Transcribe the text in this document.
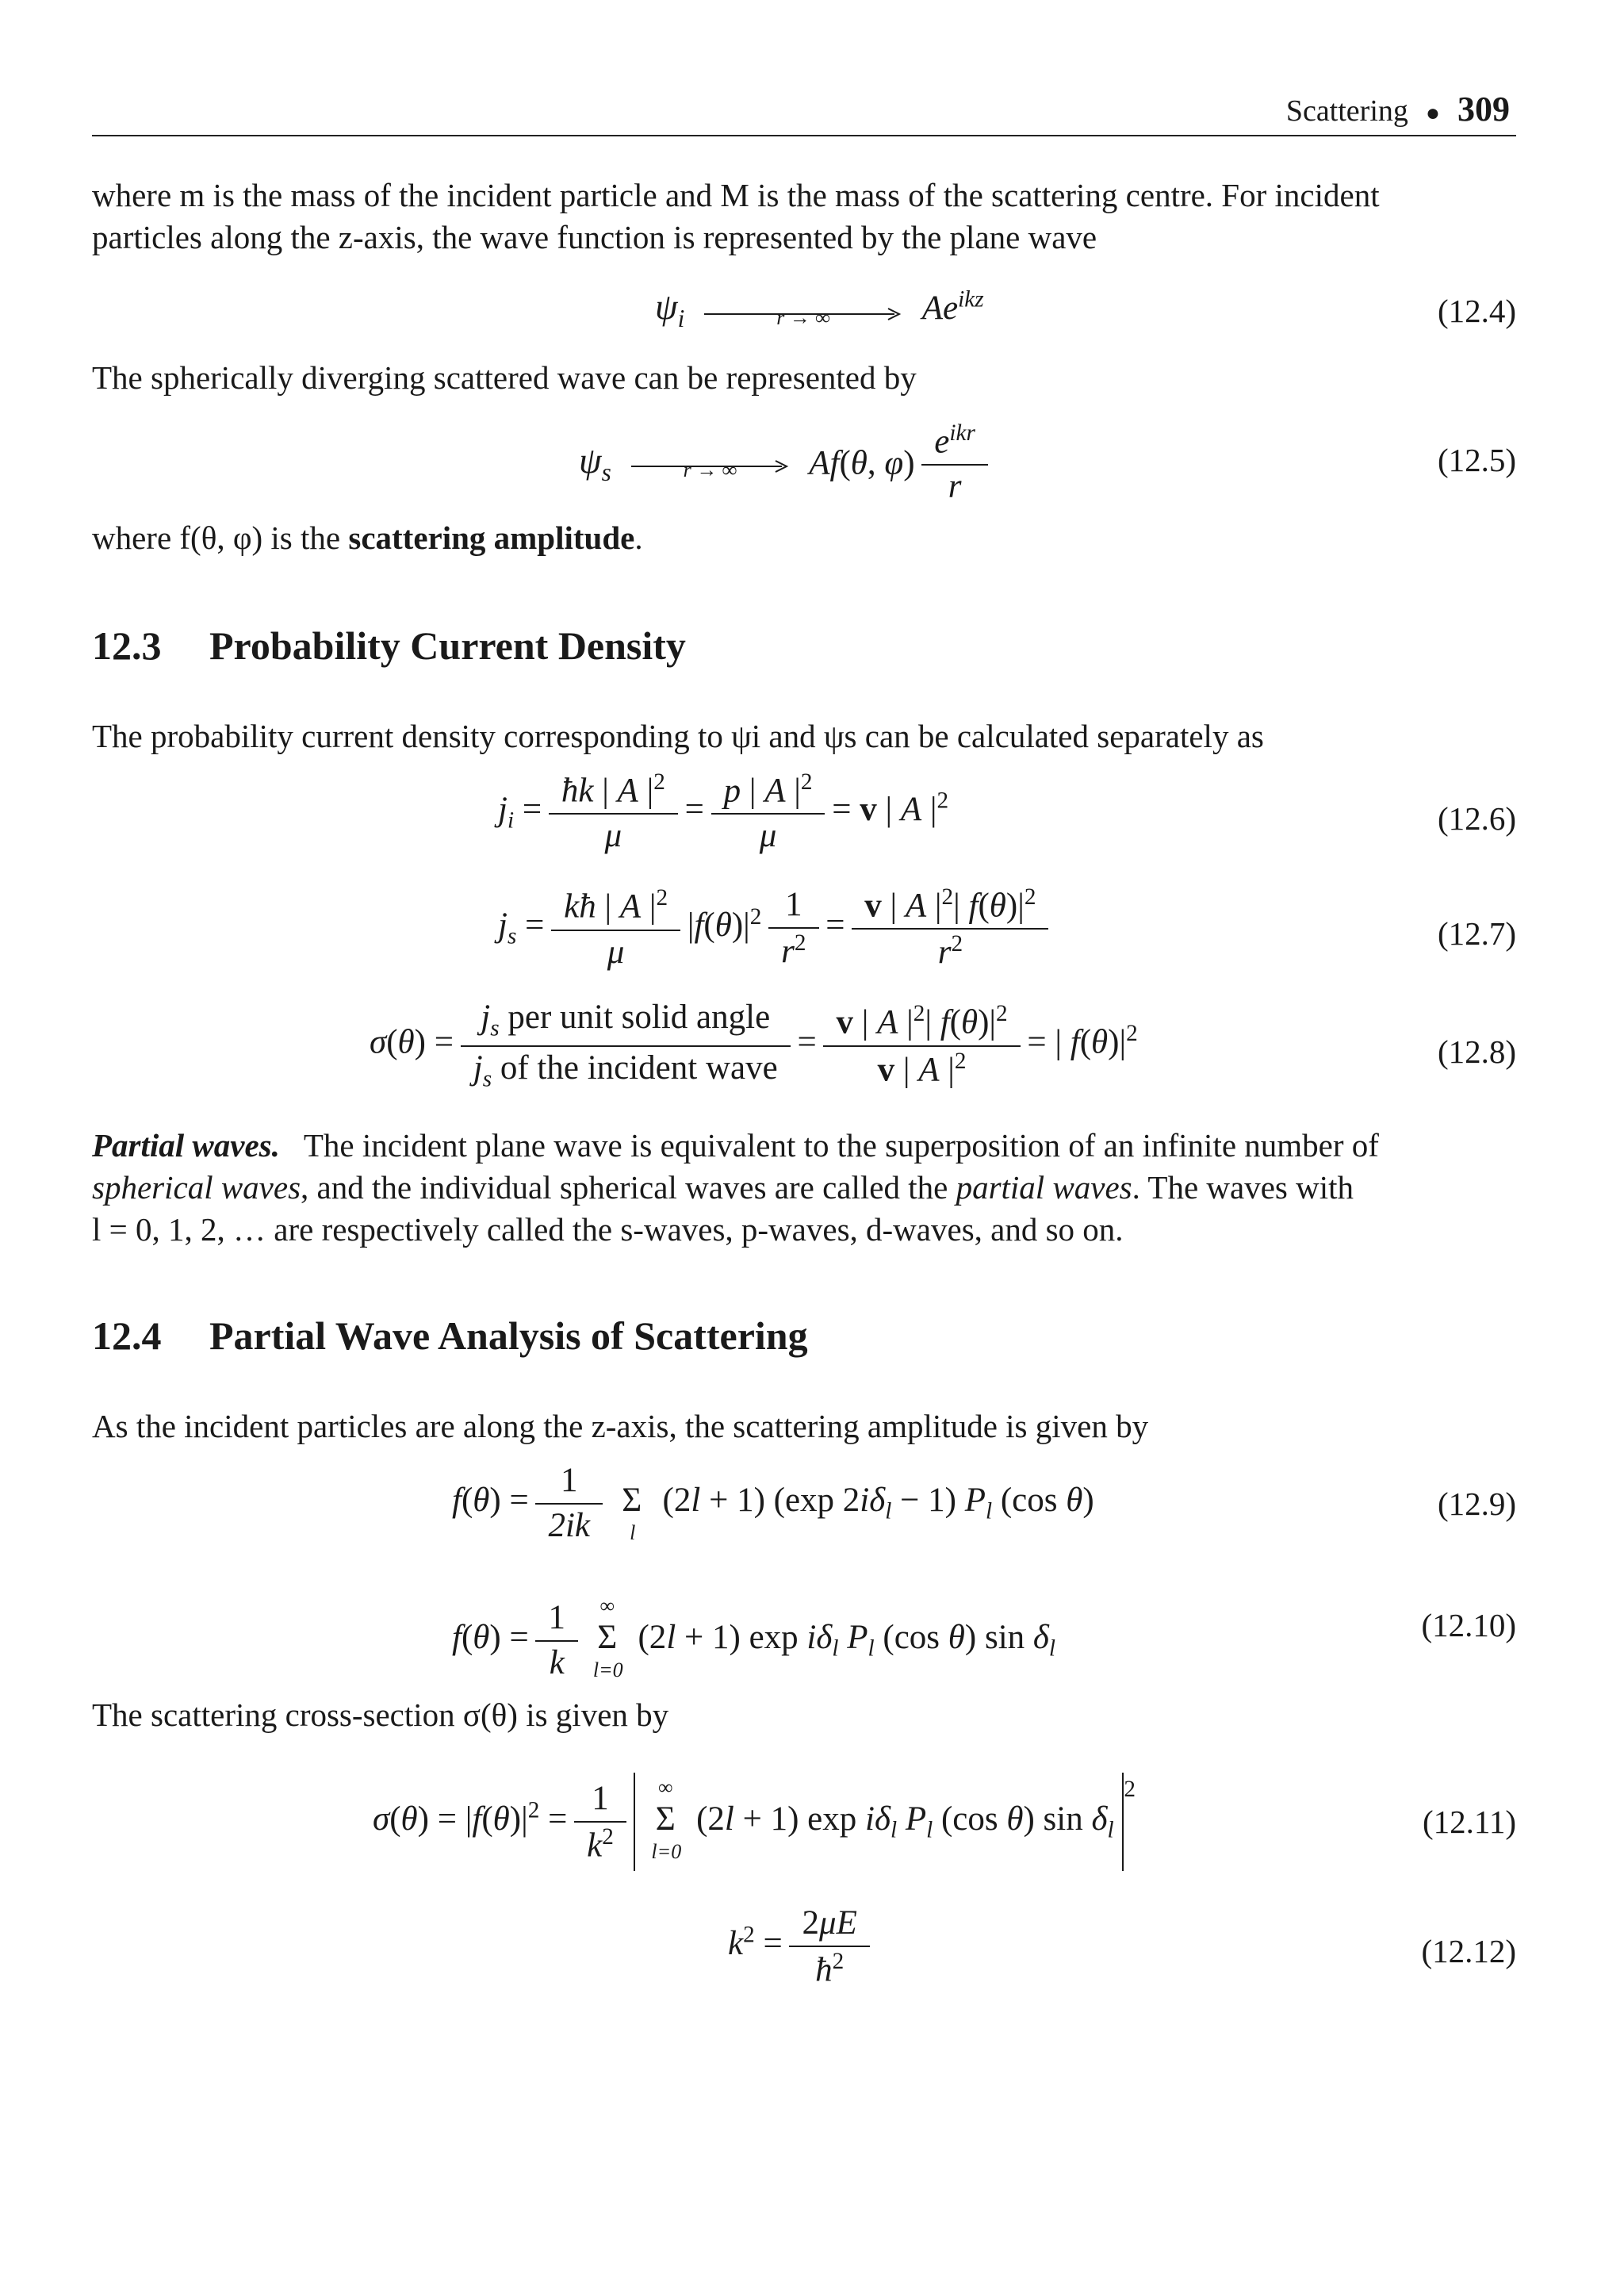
Scattering ● 309
where m is the mass of the incident particle and M is the mass of the scattering centre. For incident
particles along the z-axis, the wave function is represented by the plane wave
$\psi_i$	r → ∞	$Ae^{ikz}$	(12.4)
The spherically diverging scattered wave can be represented by
$\psi_s$	r → ∞	Af(θ, $\varphi) \frac{e^{ikr}}{r}$	(12.5)
where f(θ, φ) is the scattering amplitude.
12.3 Probability Current Density
The probability current density corresponding to ψi and ψs can be calculated separately as
$j_i = \frac{ħk | A |^2}{\mu} = \frac{p | A |^2}{\mu} = v$ | A $|^2$	(12.6)
$j_s = \frac{kħ | A |^2}{\mu} |f(\theta)|^2 \frac{1}{r^2} = \frac{v | A |^2| f(\theta)|^2}{r^2}$	(12.7)
$\sigma(\theta) = \frac{j_s per unit solid angle}{j_s of the incident wave} = \frac{v | A |^2| f(\theta)|^2}{v | A |^2}$ = | $f(\theta)|^2$	(12.8)
Partial waves. The incident plane wave is equivalent to the superposition of an infinite number of
spherical waves, and the individual spherical waves are called the partial waves. The waves with
l = 0, 1, 2, … are respectively called the s-waves, p-waves, d-waves, and so on.
12.4 Partial Wave Analysis of Scattering
As the incident particles are along the z-axis, the scattering amplitude is given by
$f(\theta) = \frac{1}{2ik}$ Σ
l
(2l + 1) (exp $2i\delta_l - 1$) $P_l$ (cos θ)	(12.9)
$f(\theta) = \frac{1}{k}$
	∞
Σ
l=0
(2l + 1) $\exp i\delta_l$ $P_l$ (cos θ) $\sin \delta_l$
(12.10)
The scattering cross-section σ(θ) is given by
$\sigma(\theta) = |f(\theta)|^2 = \frac{1}{k^2}$
	∞
Σ
l=0
(2l + 1) $\exp i\delta_l$ $P_l$ (cos θ) $\sin \delta_l$ $^2$
(12.11)
$k^2 = \frac{2\mu E}{ħ^2}$	(12.12)
